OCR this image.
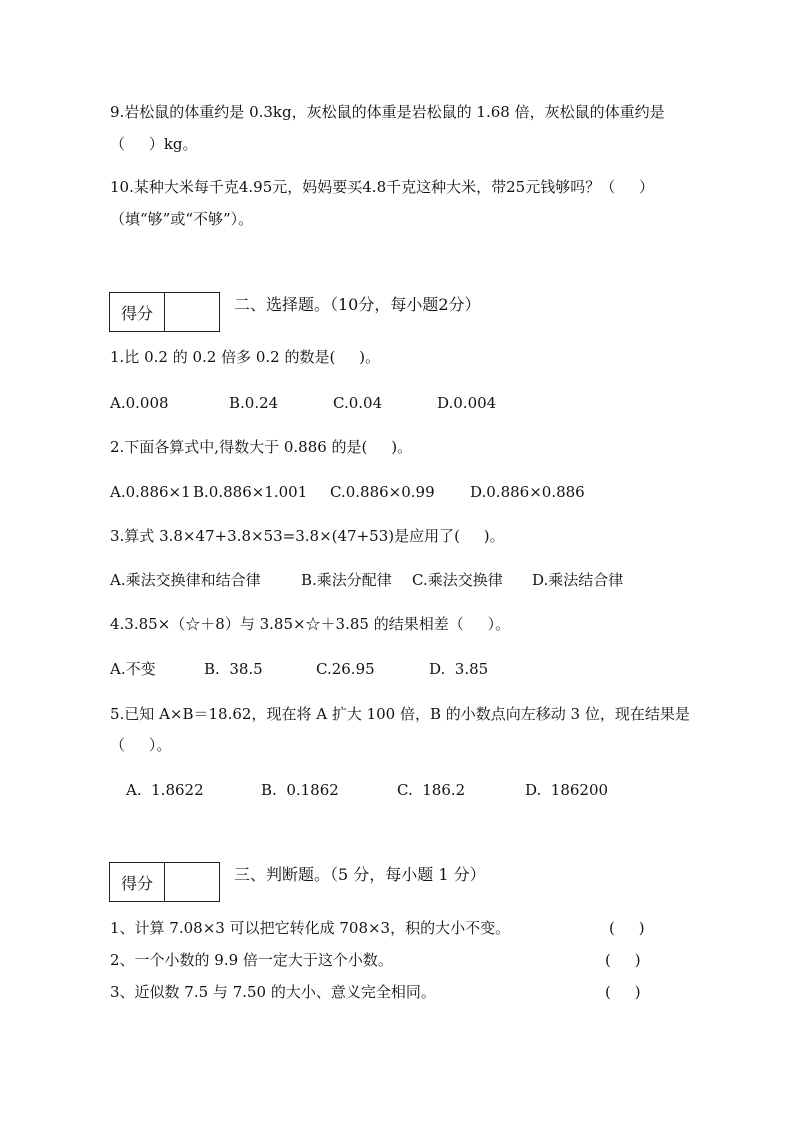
9.岩松鼠的体重约是 0.3kg，灰松鼠的体重是岩松鼠的 1.68 倍，灰松鼠的体重约是
（     ）kg。
10.某种大米每千克4.95元，妈妈要买4.8千克这种大米，带25元钱够吗？（     ）
（填“够”或“不够”）。
得分	二、选择题。（10分，每小题2分）
1.比 0.2 的 0.2 倍多 0.2 的数是(     )。
A.0.008	B.0.24	C.0.04	D.0.004
2.下面各算式中,得数大于 0.886 的是(     )。
A.0.886×1 B.0.886×1.001 C.0.886×0.99 D.0.886×0.886
3.算式 3.8×47+3.8×53=3.8×(47+53)是应用了(     )。
A.乘法交换律和结合律	B.乘法分配律 C.乘法交换律 D.乘法结合律
4.3.85×（☆＋8）与 3.85×☆＋3.85 的结果相差（     ）。
A.不变	B.  38.5	C.26.95	D.  3.85
5.已知 A×B＝18.62，现在将 A 扩大 100 倍，B 的小数点向左移动 3 位，现在结果是
（     ）。
A.  1.8622	B.  0.1862	C.  186.2	D.  186200
得分	三、判断题。（5 分，每小题 1 分）
1、计算 7.08×3 可以把它转化成 708×3，积的大小不变。	(     )
2、一个小数的 9.9 倍一定大于这个小数。	(     )
3、近似数 7.5 与 7.50 的大小、意义完全相同。	(     )
